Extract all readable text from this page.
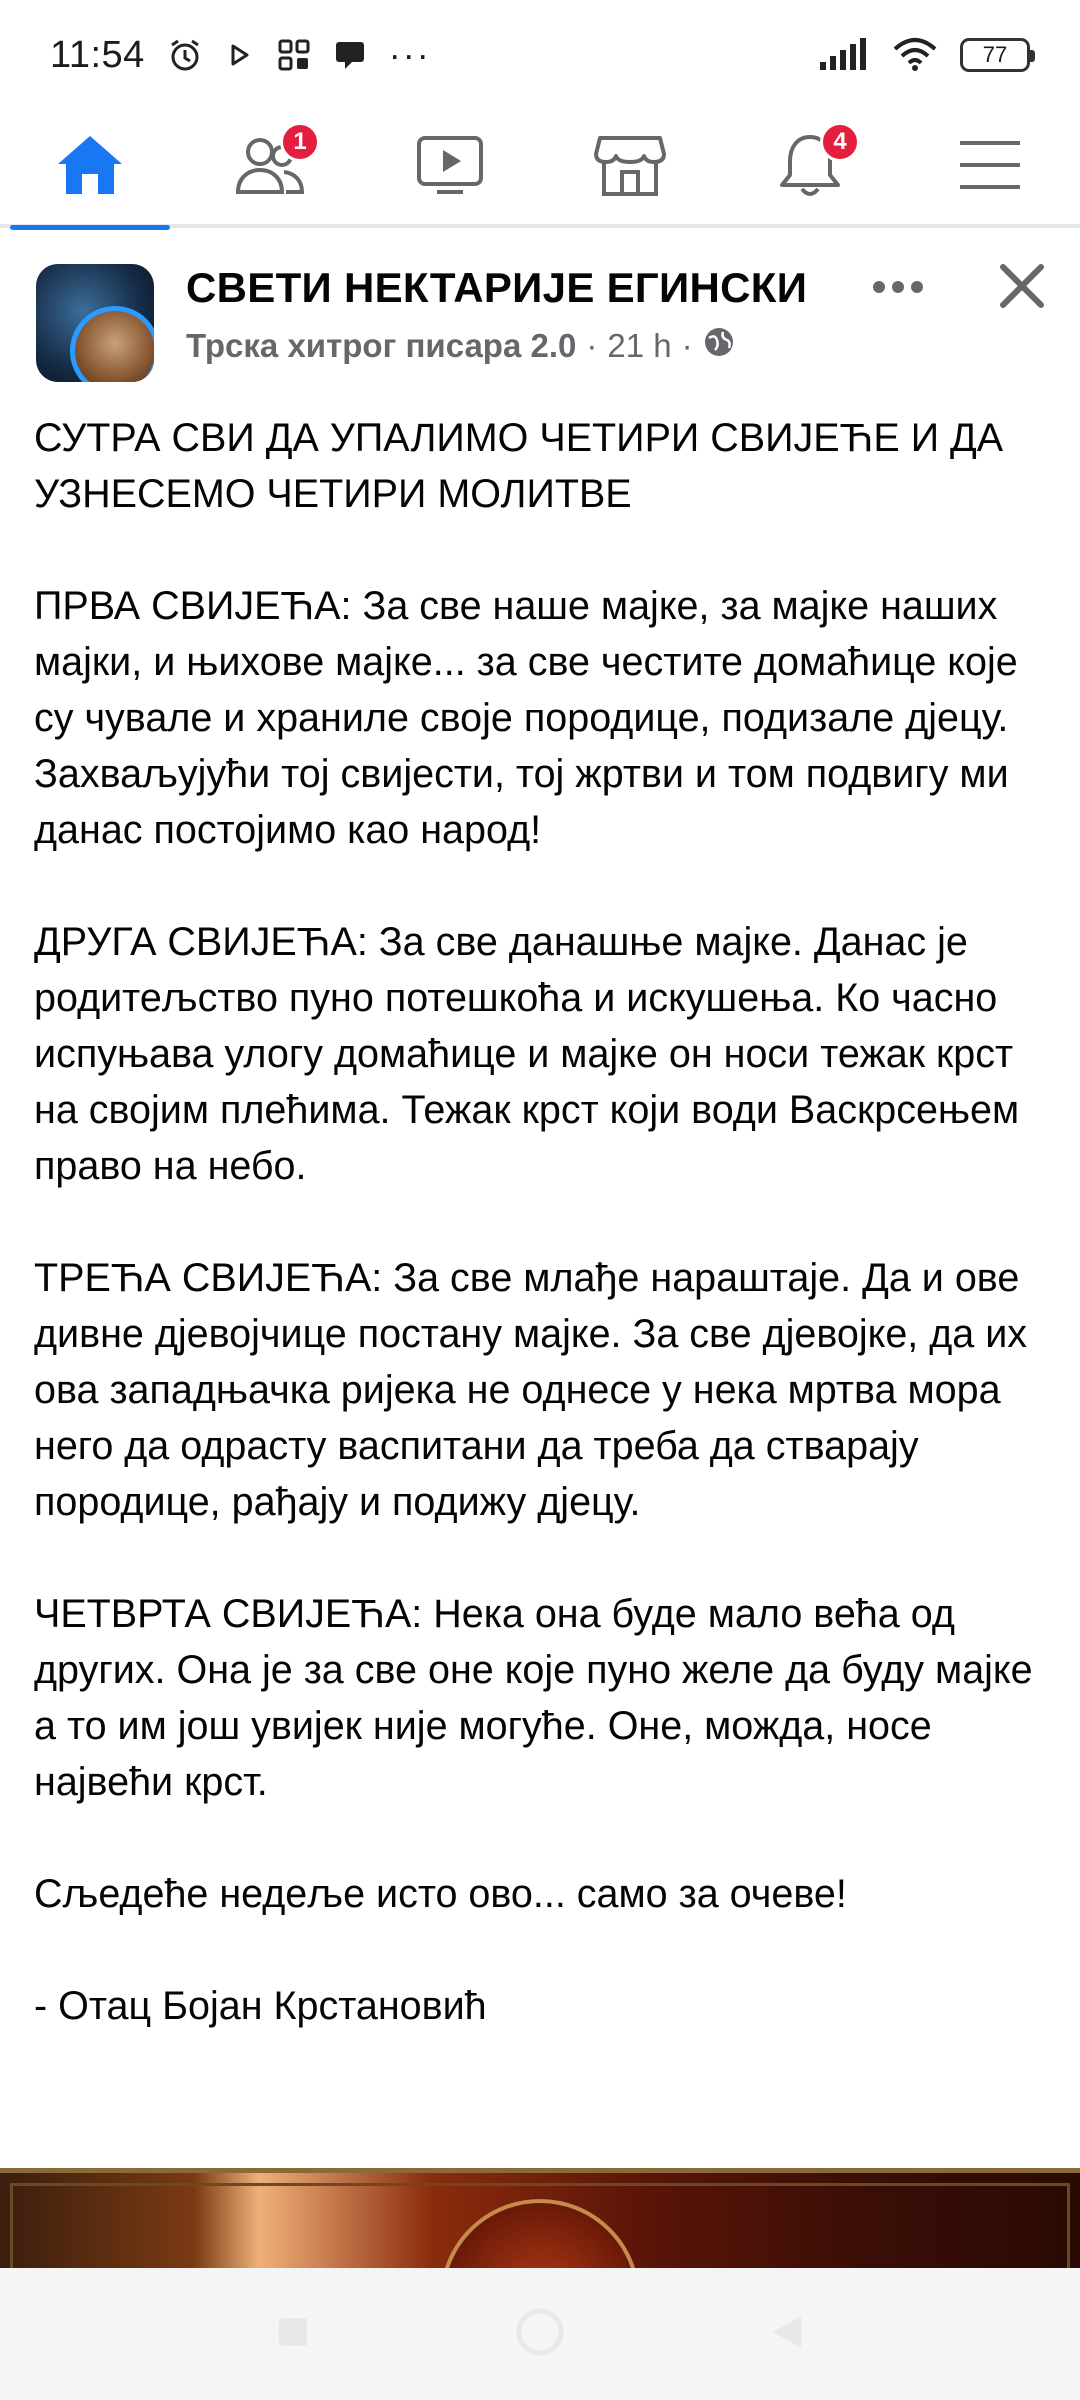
11:54	···	77
1	4
СВЕТИ НЕКТАРИЈЕ ЕГИНСКИ
Трска хитрог писара 2.0 · 21 h ·

СУТРА СВИ ДА УПАЛИМО ЧЕТИРИ СВИЈЕЋЕ И ДА УЗНЕСЕМО ЧЕТИРИ МОЛИТВЕ

ПРВА СВИЈЕЋА: За све наше мајке, за мајке наших мајки, и њихове мајке... за све честите домаћице које су чувале и храниле своје породице, подизале дјецу. Захваљујући тој свијести, тој жртви и том подвигу ми данас постојимо као народ!

ДРУГА СВИЈЕЋА: За све данашње мајке. Данас је родитељство пуно потешкоћа и искушења. Ко часно испуњава улогу домаћице и мајке он носи тежак крст на својим плећима. Тежак крст који води Васкрсењем право на небо.

ТРЕЋА СВИЈЕЋА: За све млађе нараштаје. Да и ове дивне дјевојчице постану мајке. За све дјевојке, да их ова западњачка ријека не однесе у нека мртва мора него да одрасту васпитани да треба да стварају породице, рађају и подижу дјецу.

ЧЕТВРТА СВИЈЕЋА: Нека она буде мало већа од других. Она је за све оне које пуно желе да буду мајке а то им још увијек није могуће. Оне, можда, носе највећи крст.

Сљедеће недеље исто ово... само за очеве!

- Отац Бојан Крстановић
